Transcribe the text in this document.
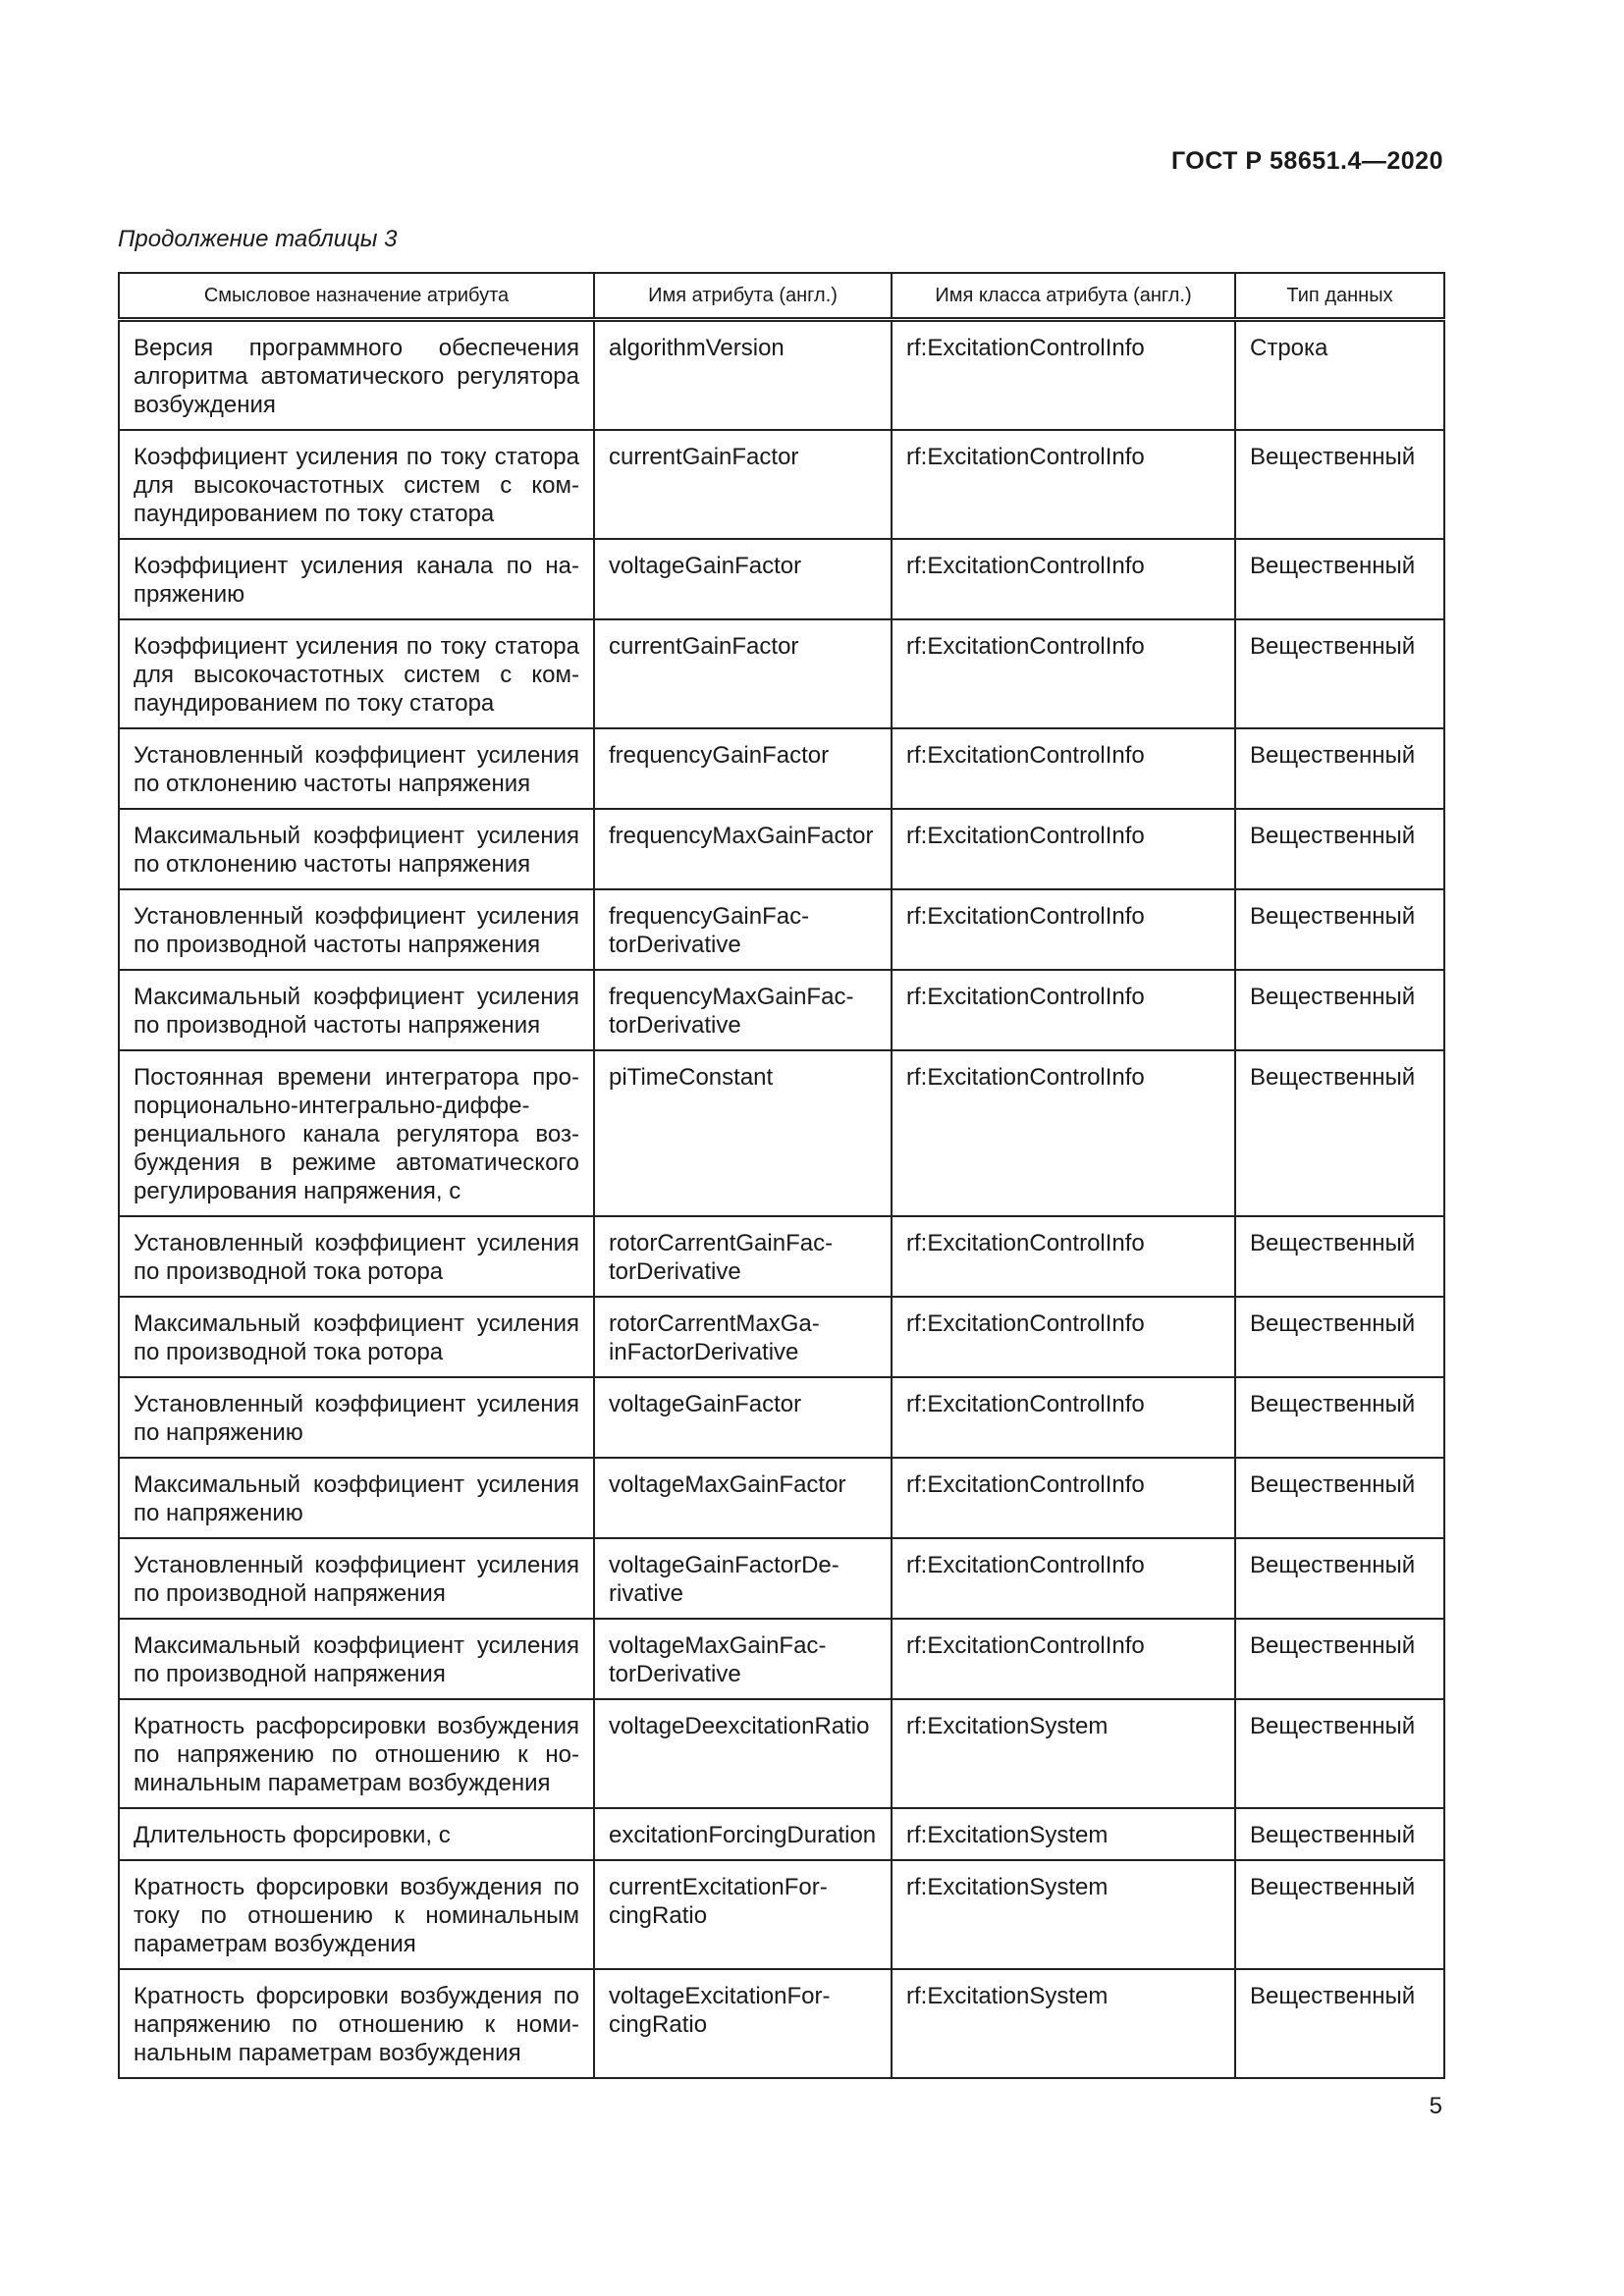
ГОСТ Р 58651.4—2020
Продолжение таблицы 3
Смысловое назначение атрибута	Имя атрибута (англ.)	Имя класса атрибута (англ.)	Тип данных
Версия программного обеспечения алгоритма автоматического регулятора возбуждения	algorithmVersion	rf:ExcitationControlInfo	Строка
Коэффициент усиления по току статора для высокочастотных систем с компаундированием по току статора	currentGainFactor	rf:ExcitationControlInfo	Вещественный
Коэффициент усиления канала по напряжению	voltageGainFactor	rf:ExcitationControlInfo	Вещественный
Коэффициент усиления по току статора для высокочастотных систем с компаундированием по току статора	currentGainFactor	rf:ExcitationControlInfo	Вещественный
Установленный коэффициент усиления по отклонению частоты напряжения	frequencyGainFactor	rf:ExcitationControlInfo	Вещественный
Максимальный коэффициент усиления по отклонению частоты напряжения	frequencyMaxGainFactor	rf:ExcitationControlInfo	Вещественный
Установленный коэффициент усиления по производной частоты напряжения	frequencyGainFactorDerivative	rf:ExcitationControlInfo	Вещественный
Максимальный коэффициент усиления по производной частоты напряжения	frequencyMaxGainFactorDerivative	rf:ExcitationControlInfo	Вещественный
Постоянная времени интегратора пропорционально-интегрально-дифференциального канала регулятора возбуждения в режиме автоматического регулирования напряжения, с	piTimeConstant	rf:ExcitationControlInfo	Вещественный
Установленный коэффициент усиления по производной тока ротора	rotorCarrentGainFactorDerivative	rf:ExcitationControlInfo	Вещественный
Максимальный коэффициент усиления по производной тока ротора	rotorCarrentMaxGainFactorDerivative	rf:ExcitationControlInfo	Вещественный
Установленный коэффициент усиления по напряжению	voltageGainFactor	rf:ExcitationControlInfo	Вещественный
Максимальный коэффициент усиления по напряжению	voltageMaxGainFactor	rf:ExcitationControlInfo	Вещественный
Установленный коэффициент усиления по производной напряжения	voltageGainFactorDerivative	rf:ExcitationControlInfo	Вещественный
Максимальный коэффициент усиления по производной напряжения	voltageMaxGainFactorDerivative	rf:ExcitationControlInfo	Вещественный
Кратность расфорсировки возбуждения по напряжению по отношению к номинальным параметрам возбуждения	voltageDeexcitationRatio	rf:ExcitationSystem	Вещественный
Длительность форсировки, с	excitationForcingDuration	rf:ExcitationSystem	Вещественный
Кратность форсировки возбуждения по току по отношению к номинальным параметрам возбуждения	currentExcitationForcingRatio	rf:ExcitationSystem	Вещественный
Кратность форсировки возбуждения по напряжению по отношению к номинальным параметрам возбуждения	voltageExcitationForcingRatio	rf:ExcitationSystem	Вещественный
5
